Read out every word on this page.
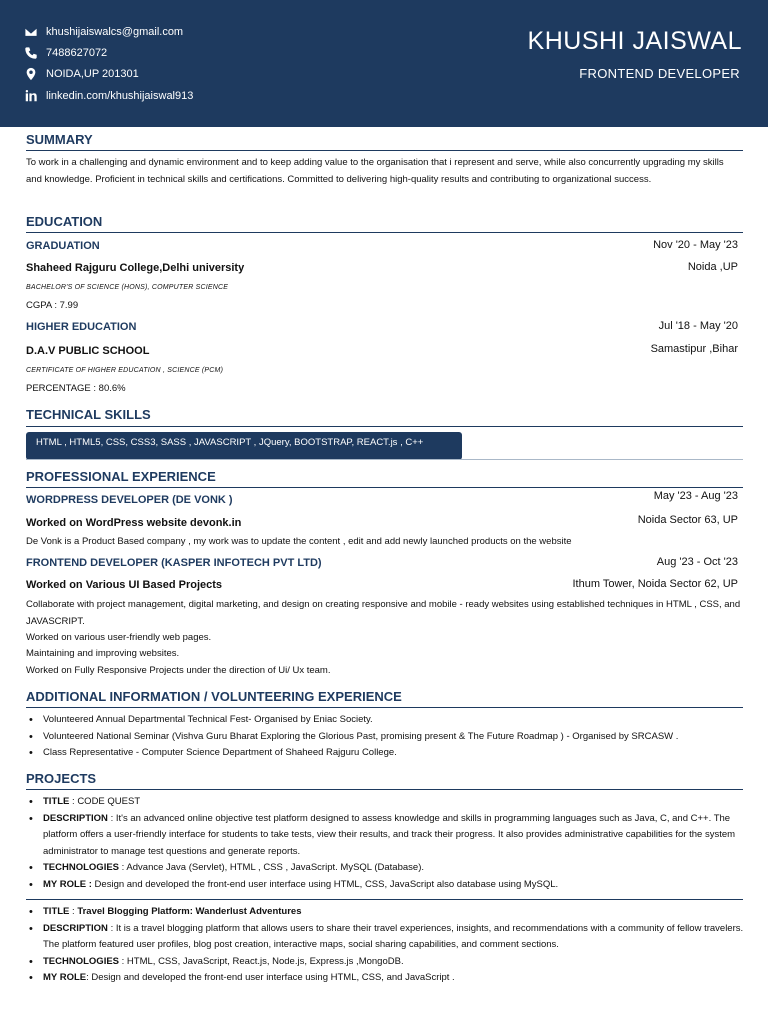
khushijaiswalcs@gmail.com
7488627072
NOIDA,UP 201301
linkedin.com/khushijaiswal913
KHUSHI JAISWAL
FRONTEND DEVELOPER
SUMMARY
To work in a challenging and dynamic environment and to keep adding value to the organisation that i represent and serve, while also concurrently upgrading my skills and knowledge. Proficient in technical skills and certifications. Committed to delivering high-quality results and contributing to organizational success.
EDUCATION
GRADUATION	Nov '20 - May '23
Shaheed Rajguru College,Delhi university	Noida ,UP
BACHELOR'S OF SCIENCE (HONS), COMPUTER SCIENCE
CGPA : 7.99
HIGHER EDUCATION	Jul '18 - May '20
D.A.V PUBLIC SCHOOL	Samastipur ,Bihar
CERTIFICATE OF HIGHER EDUCATION , SCIENCE (PCM)
PERCENTAGE : 80.6%
TECHNICAL SKILLS
HTML , HTML5, CSS, CSS3, SASS , JAVASCRIPT , JQuery, BOOTSTRAP, REACT.js , C++
PROFESSIONAL EXPERIENCE
WORDPRESS DEVELOPER (DE VONK )	May '23 - Aug '23
Worked on WordPress website devonk.in	Noida Sector 63, UP
De Vonk is a Product Based company , my work was to update the content , edit and add newly launched products on the website
FRONTEND DEVELOPER (KASPER INFOTECH PVT LTD)	Aug '23 - Oct '23
Worked on Various UI Based Projects	Ithum Tower, Noida Sector 62, UP
Collaborate with project management, digital marketing, and design on creating responsive and mobile - ready websites using established techniques in HTML , CSS, and JAVASCRIPT.
Worked on various user-friendly web pages.
Maintaining and improving websites.
Worked on Fully Responsive Projects under the direction of Ui/ Ux team.
ADDITIONAL INFORMATION / VOLUNTEERING EXPERIENCE
• Volunteered Annual Departmental Technical Fest- Organised by Eniac Society.
• Volunteered National Seminar (Vishva Guru Bharat Exploring the Glorious Past, promising present & The Future Roadmap ) - Organised by SRCASW .
• Class Representative - Computer Science Department of Shaheed Rajguru College.
PROJECTS
• TITLE : CODE QUEST
• DESCRIPTION : It's an advanced online objective test platform designed to assess knowledge and skills in programming languages such as Java, C, and C++. The platform offers a user-friendly interface for students to take tests, view their results, and track their progress. It also provides administrative capabilities for the system administrator to manage test questions and generate reports.
• TECHNOLOGIES : Advance Java (Servlet), HTML , CSS , JavaScript. MySQL (Database).
• MY ROLE : Design and developed the front-end user interface using HTML, CSS, JavaScript also database using MySQL.
• TITLE : Travel Blogging Platform: Wanderlust Adventures
• DESCRIPTION : It is a travel blogging platform that allows users to share their travel experiences, insights, and recommendations with a community of fellow travelers. The platform featured user profiles, blog post creation, interactive maps, social sharing capabilities, and comment sections.
• TECHNOLOGIES : HTML, CSS, JavaScript, React.js, Node.js, Express.js ,MongoDB.
• MY ROLE: Design and developed the front-end user interface using HTML, CSS, and JavaScript .
